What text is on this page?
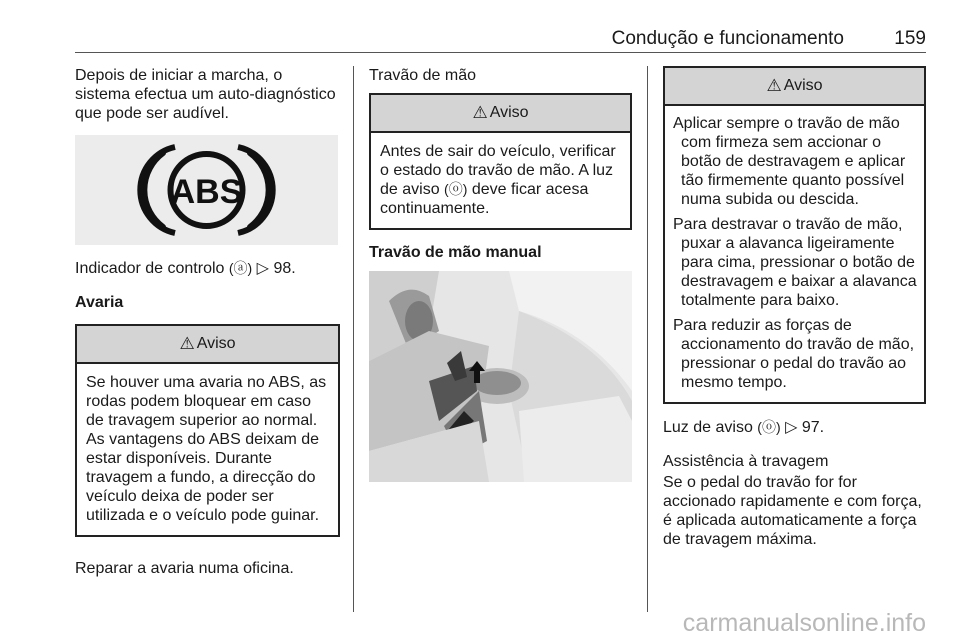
Condução e funcionamento	159

Depois de iniciar a marcha, o sistema efectua um auto-diagnóstico que pode ser audível.

ABS

Indicador de controlo (ⓐ) ▷ 98.

Avaria

⚠ Aviso

Se houver uma avaria no ABS, as rodas podem bloquear em caso de travagem superior ao normal. As vantagens do ABS deixam de estar disponíveis. Durante travagem a fundo, a direcção do veículo deixa de poder ser utilizada e o veículo pode guinar.

Reparar a avaria numa oficina.

Travão de mão

⚠ Aviso

Antes de sair do veículo, verificar o estado do travão de mão. A luz de aviso (ⓞ) deve ficar acesa continuamente.

Travão de mão manual

⚠ Aviso

Aplicar sempre o travão de mão com firmeza sem accionar o botão de destravagem e aplicar tão firmemente quanto possível numa subida ou descida.

Para destravar o travão de mão, puxar a alavanca ligeiramente para cima, pressionar o botão de destravagem e baixar a alavanca totalmente para baixo.

Para reduzir as forças de accionamento do travão de mão, pressionar o pedal do travão ao mesmo tempo.

Luz de aviso (ⓞ) ▷ 97.

Assistência à travagem

Se o pedal do travão for for accionado rapidamente e com força, é aplicada automaticamente a força de travagem máxima.

carmanualsonline.info
